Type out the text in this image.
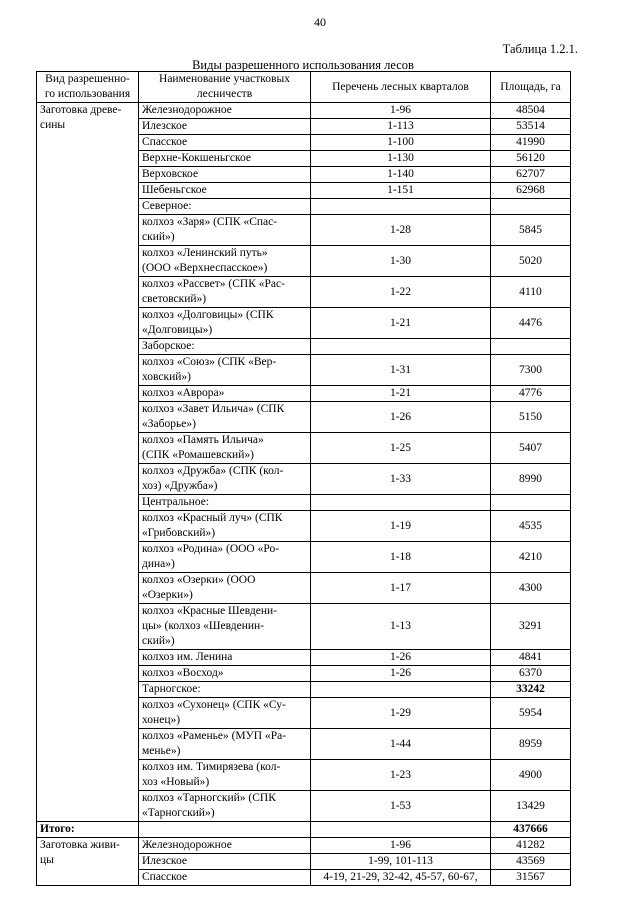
40
Таблица 1.2.1.
Виды разрешенного использования лесов
Вид разрешенно-
го использования	Наименование участковых
лесничеств	Перечень лесных кварталов	Площадь, га
Заготовка древе-
сины	Железнодорожное	1-96	48504
	Илезское	1-113	53514
	Спасское	1-100	41990
	Верхне-Кокшеньгское	1-130	56120
	Верховское	1-140	62707
	Шебеньгское	1-151	62968
	Северное:		
	колхоз «Заря» (СПК «Спас-
ский»)	1-28	5845
	колхоз «Ленинский путь»
(ООО «Верхнеспасское»)	1-30	5020
	колхоз «Рассвет» (СПК «Рас-
световский»)	1-22	4110
	колхоз «Долговицы» (СПК
«Долговицы»)	1-21	4476
	Заборское:		
	колхоз «Союз» (СПК «Вер-
ховский»)	1-31	7300
	колхоз «Аврора»	1-21	4776
	колхоз «Завет Ильича» (СПК
«Заборье»)	1-26	5150
	колхоз «Память Ильича»
(СПК «Ромашевский»)	1-25	5407
	колхоз «Дружба» (СПК (кол-
хоз) «Дружба»)	1-33	8990
	Центральное:		
	колхоз «Красный луч» (СПК
«Грибовский»)	1-19	4535
	колхоз «Родина» (ООО «Ро-
дина»)	1-18	4210
	колхоз «Озерки» (ООО
«Озерки»)	1-17	4300
	колхоз «Красные Шевдени-
цы» (колхоз «Шевденин-
ский»)	1-13	3291
	колхоз им. Ленина	1-26	4841
	колхоз «Восход»	1-26	6370
	Тарногское:		33242
	колхоз «Сухонец» (СПК «Су-
хонец»)	1-29	5954
	колхоз «Раменье» (МУП «Ра-
менье»)	1-44	8959
	колхоз им. Тимирязева (кол-
хоз «Новый»)	1-23	4900
	колхоз «Тарногский» (СПК
«Тарногский»)	1-53	13429
Итого:			437666
Заготовка живи-
цы	Железнодорожное	1-96	41282
	Илезское	1-99, 101-113	43569
	Спасское	4-19, 21-29, 32-42, 45-57, 60-67,	31567
